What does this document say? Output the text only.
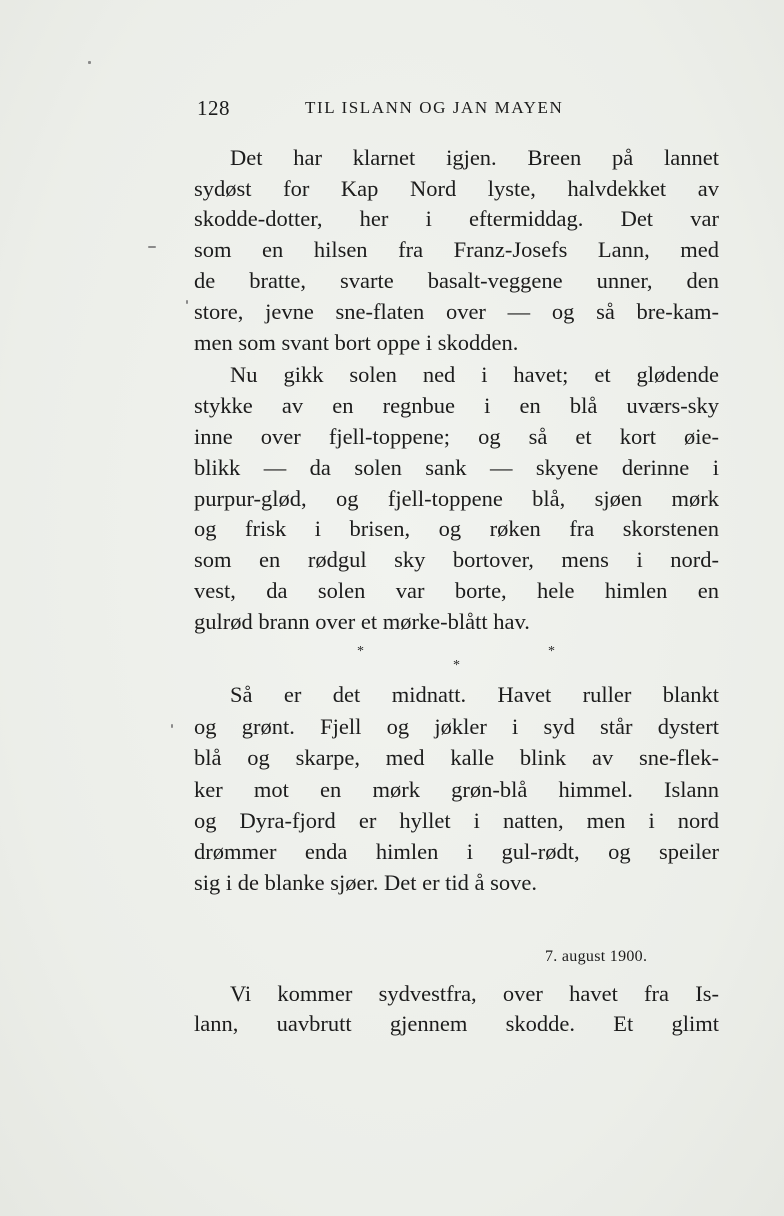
128	TIL ISLANN OG JAN MAYEN
Det har klarnet igjen. Breen på lannet
sydøst for Kap Nord lyste, halvdekket av
skodde-dotter, her i eftermiddag. Det var
som en hilsen fra Franz-Josefs Lann, med
de bratte, svarte basalt-veggene unner, den
store, jevne sne-flaten over — og så bre-kam-
men som svant bort oppe i skodden.
Nu gikk solen ned i havet; et glødende
stykke av en regnbue i en blå uværs-sky
inne over fjell-toppene; og så et kort øie-
blikk — da solen sank — skyene derinne i
purpur-glød, og fjell-toppene blå, sjøen mørk
og frisk i brisen, og røken fra skorstenen
som en rødgul sky bortover, mens i nord-
vest, da solen var borte, hele himlen en
gulrød brann over et mørke-blått hav.
*
*
*
Så er det midnatt. Havet ruller blankt
og grønt. Fjell og jøkler i syd står dystert
blå og skarpe, med kalle blink av sne-flek-
ker mot en mørk grøn-blå himmel. Islann
og Dyra-fjord er hyllet i natten, men i nord
drømmer enda himlen i gul-rødt, og speiler
sig i de blanke sjøer. Det er tid å sove.
7. august 1900.
Vi kommer sydvestfra, over havet fra Is-
lann, uavbrutt gjennem skodde. Et glimt
